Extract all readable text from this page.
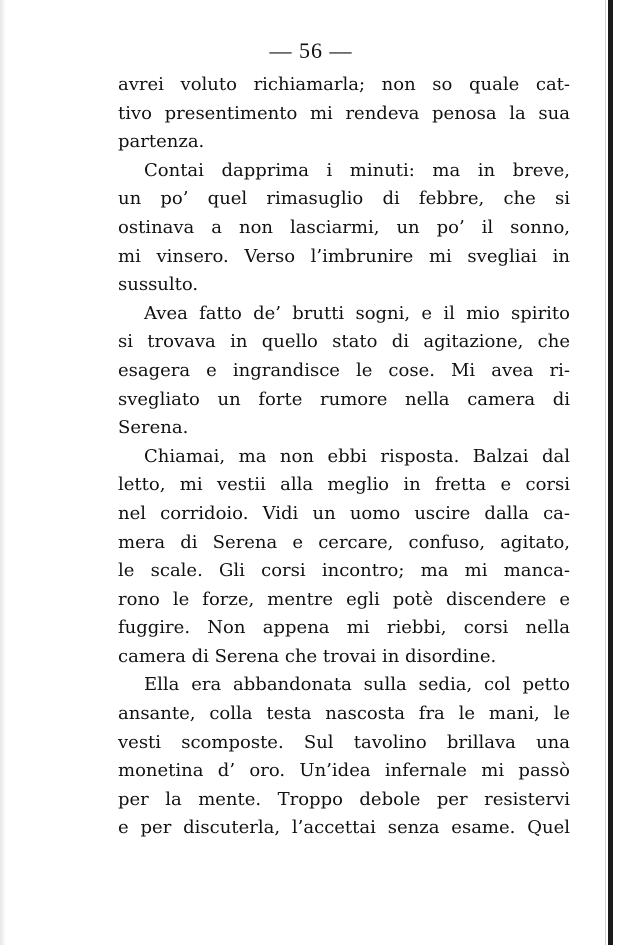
— 56 —
avrei voluto richiamarla; non so quale cat-
tivo presentimento mi rendeva penosa la sua
partenza.
Contai dapprima i minuti: ma in breve,
un po’ quel rimasuglio di febbre, che si
ostinava a non lasciarmi, un po’ il sonno,
mi vinsero. Verso l’imbrunire mi svegliai in
sussulto.
Avea fatto de’ brutti sogni, e il mio spirito
si trovava in quello stato di agitazione, che
esagera e ingrandisce le cose. Mi avea ri-
svegliato un forte rumore nella camera di
Serena.
Chiamai, ma non ebbi risposta. Balzai dal
letto, mi vestii alla meglio in fretta e corsi
nel corridoio. Vidi un uomo uscire dalla ca-
mera di Serena e cercare, confuso, agitato,
le scale. Gli corsi incontro; ma mi manca-
rono le forze, mentre egli potè discendere e
fuggire. Non appena mi riebbi, corsi nella
camera di Serena che trovai in disordine.
Ella era abbandonata sulla sedia, col petto
ansante, colla testa nascosta fra le mani, le
vesti scomposte. Sul tavolino brillava una
monetina d’ oro. Un’idea infernale mi passò
per la mente. Troppo debole per resistervi
e per discuterla, l’accettai senza esame. Quel
